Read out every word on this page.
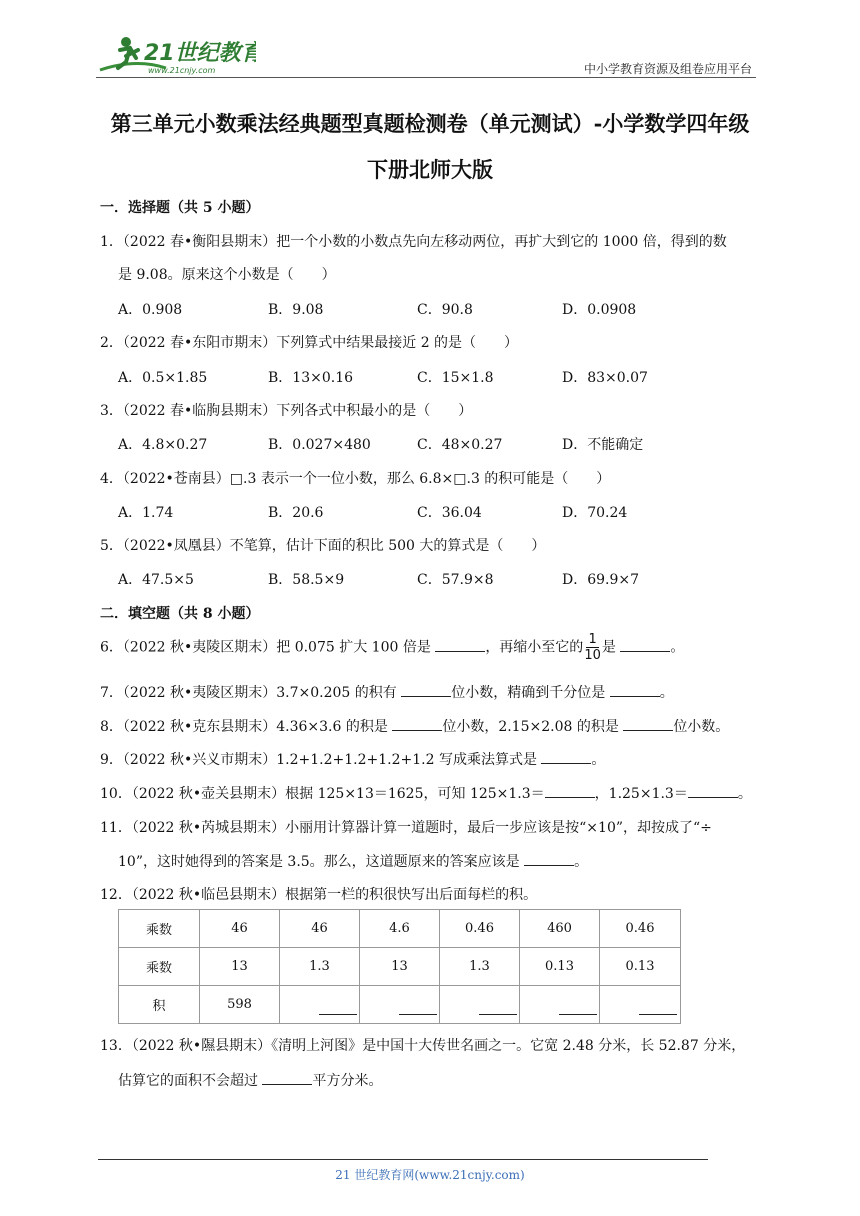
21世纪教育
www.21cnjy.com	中小学教育资源及组卷应用平台
第三单元小数乘法经典题型真题检测卷（单元测试）-小学数学四年级
下册北师大版
一．选择题（共 5 小题）
1．（2022 春•衡阳县期末）把一个小数的小数点先向左移动两位，再扩大到它的 1000 倍，得到的数
是 9.08。原来这个小数是（　　）
A．0.908	B．9.08	C．90.8	D．0.0908
2．（2022 春•东阳市期末）下列算式中结果最接近 2 的是（　　）
A．0.5×1.85	B．13×0.16	C．15×1.8	D．83×0.07
3．（2022 春•临朐县期末）下列各式中积最小的是（　　）
A．4.8×0.27	B．0.027×480	C．48×0.27	D．不能确定
4．（2022•苍南县）□.3 表示一个一位小数，那么 6.8×□.3 的积可能是（　　）
A．1.74	B．20.6	C．36.04	D．70.24
5．（2022•凤凰县）不笔算，估计下面的积比 500 大的算式是（　　）
A．47.5×5	B．58.5×9	C．57.9×8	D．69.9×7
二．填空题（共 8 小题）
6．（2022 秋•夷陵区期末）把 0.075 扩大 100 倍是	，再缩小至它的 $\frac{1}{10}$ 是	。
7．（2022 秋•夷陵区期末）3.7×0.205 的积有	位小数，精确到千分位是	。
8．（2022 秋•克东县期末）4.36×3.6 的积是	位小数，2.15×2.08 的积是	位小数。
9．（2022 秋•兴义市期末）1.2+1.2+1.2+1.2+1.2 写成乘法算式是	。
10．（2022 秋•壶关县期末）根据 125×13＝1625，可知 125×1.3＝	，1.25×1.3＝	。
11．（2022 秋•芮城县期末）小丽用计算器计算一道题时，最后一步应该是按“×10”，却按成了“÷
10”，这时她得到的答案是 3.5。那么，这道题原来的答案应该是	。
12．（2022 秋•临邑县期末）根据第一栏的积很快写出后面每栏的积。
乘数	46	46	4.6	0.46	460	0.46
乘数	13	1.3	13	1.3	0.13	0.13
积	598					
13．（2022 秋•隰县期末）《清明上河图》是中国十大传世名画之一。它宽 2.48 分米，长 52.87 分米，
估算它的面积不会超过	平方分米。
21 世纪教育网(www.21cnjy.com)
